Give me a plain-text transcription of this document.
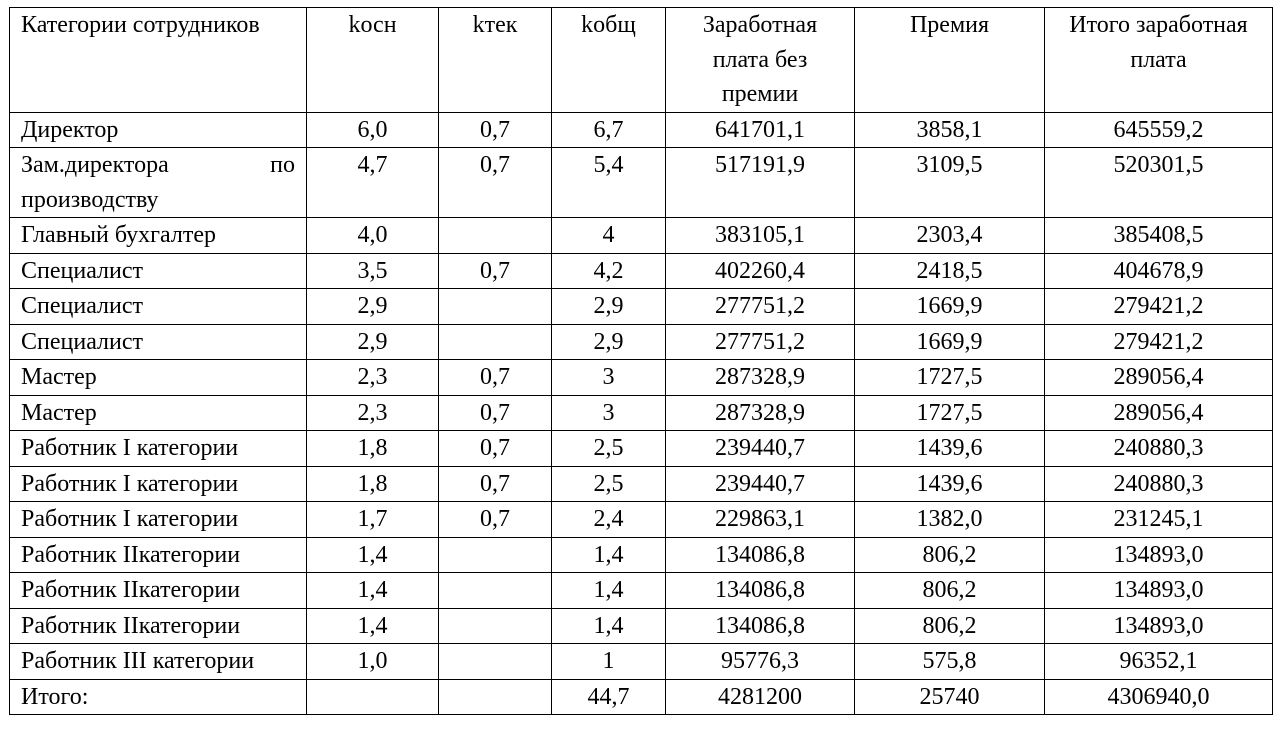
Категории сотрудников	kосн	kтек	kобщ	Заработная плата без премии	Премия	Итого заработная плата
Директор	6,0	0,7	6,7	641701,1	3858,1	645559,2
Зам.директора по производству	4,7	0,7	5,4	517191,9	3109,5	520301,5
Главный бухгалтер	4,0		4	383105,1	2303,4	385408,5
Специалист	3,5	0,7	4,2	402260,4	2418,5	404678,9
Специалист	2,9		2,9	277751,2	1669,9	279421,2
Специалист	2,9		2,9	277751,2	1669,9	279421,2
Мастер	2,3	0,7	3	287328,9	1727,5	289056,4
Мастер	2,3	0,7	3	287328,9	1727,5	289056,4
Работник I категории	1,8	0,7	2,5	239440,7	1439,6	240880,3
Работник I категории	1,8	0,7	2,5	239440,7	1439,6	240880,3
Работник I категории	1,7	0,7	2,4	229863,1	1382,0	231245,1
Работник IIкатегории	1,4		1,4	134086,8	806,2	134893,0
Работник IIкатегории	1,4		1,4	134086,8	806,2	134893,0
Работник IIкатегории	1,4		1,4	134086,8	806,2	134893,0
Работник III категории	1,0		1	95776,3	575,8	96352,1
Итого:			44,7	4281200	25740	4306940,0
